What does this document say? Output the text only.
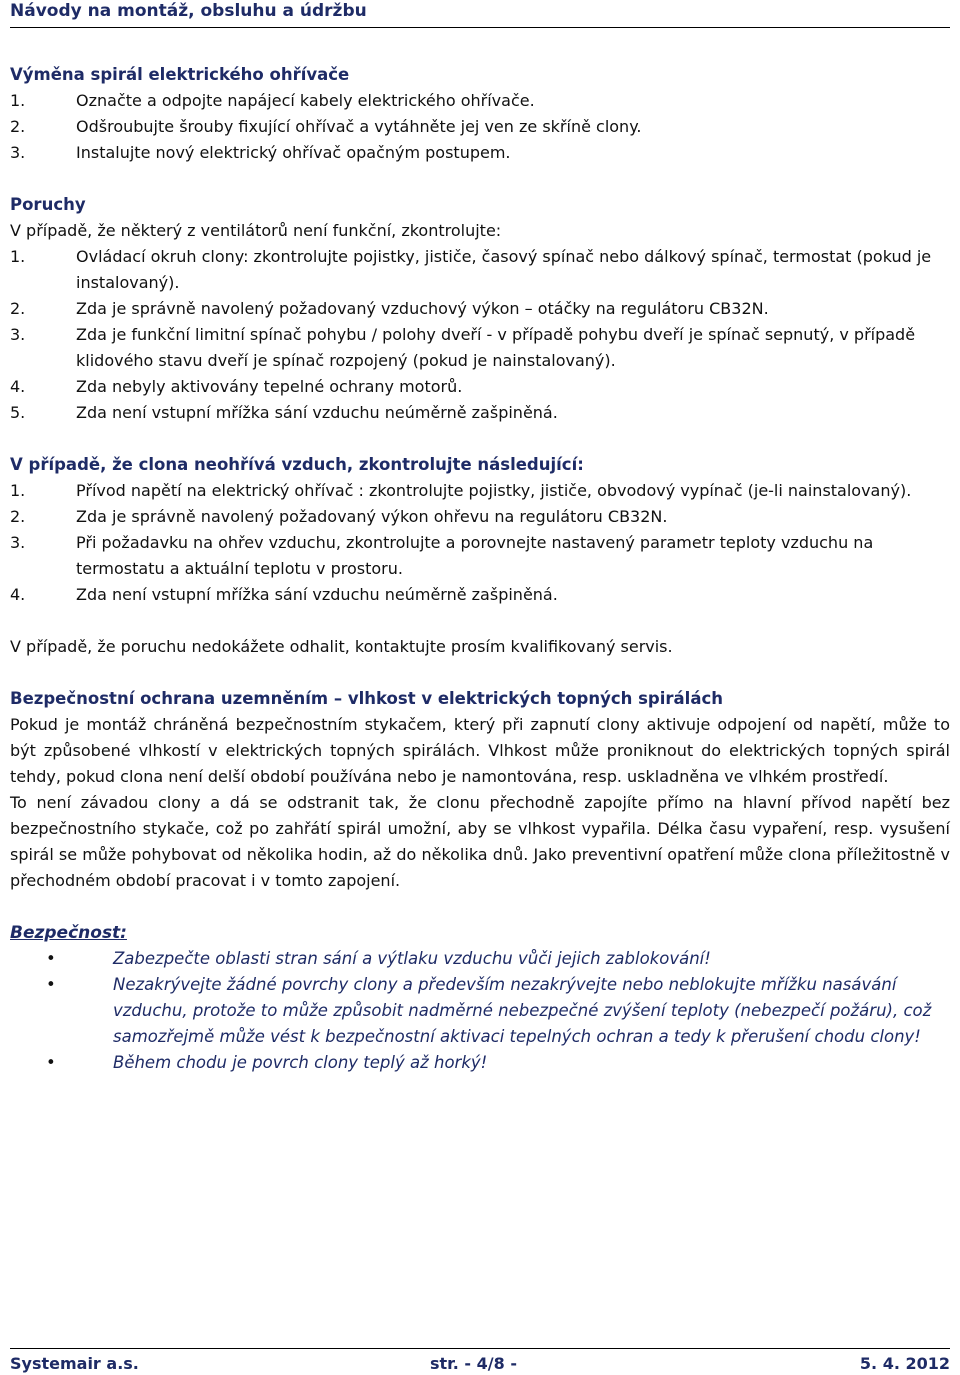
Návody na montáž, obsluhu a údržbu
Výměna spirál elektrického ohřívače
1.	Označte a odpojte napájecí kabely elektrického ohřívače.
2.	Odšroubujte šrouby fixující ohřívač a vytáhněte jej ven ze skříně clony.
3.	Instalujte nový elektrický ohřívač opačným postupem.
Poruchy
V případě, že některý z ventilátorů není funkční, zkontrolujte:
1.	Ovládací okruh clony: zkontrolujte pojistky, jističe, časový spínač nebo dálkový spínač, termostat (pokud je instalovaný).
2.	Zda je správně navolený požadovaný vzduchový výkon – otáčky na regulátoru CB32N.
3.	Zda je funkční limitní spínač pohybu / polohy dveří - v případě pohybu dveří je spínač sepnutý, v případě klidového stavu dveří je spínač rozpojený (pokud je nainstalovaný).
4.	Zda nebyly aktivovány tepelné ochrany motorů.
5.	Zda není vstupní mřížka sání vzduchu neúměrně zašpiněná.
V případě, že clona neohřívá vzduch, zkontrolujte následující:
1.	Přívod napětí na elektrický ohřívač : zkontrolujte pojistky, jističe, obvodový vypínač (je-li nainstalovaný).
2.	Zda je správně navolený požadovaný výkon ohřevu na regulátoru CB32N.
3.	Při požadavku na ohřev vzduchu, zkontrolujte a porovnejte nastavený parametr teploty vzduchu na termostatu a aktuální teplotu v prostoru.
4.	Zda není vstupní mřížka sání vzduchu neúměrně zašpiněná.
V případě, že poruchu nedokážete odhalit, kontaktujte prosím kvalifikovaný servis.
Bezpečnostní ochrana uzemněním – vlhkost v elektrických topných spirálách
Pokud je montáž chráněná bezpečnostním stykačem, který při zapnutí clony aktivuje odpojení od napětí, může to být způsobené vlhkostí v elektrických topných spirálách. Vlhkost může proniknout do elektrických topných spirál tehdy, pokud clona není delší období používána nebo je namontována, resp. uskladněna ve vlhkém prostředí.
To není závadou clony a dá se odstranit tak, že clonu přechodně zapojíte přímo na hlavní přívod napětí bez bezpečnostního stykače, což po zahřátí spirál umožní, aby se vlhkost vypařila. Délka času vypaření, resp. vysušení spirál se může pohybovat od několika hodin, až do několika dnů. Jako preventivní opatření může clona příležitostně v přechodném období pracovat i v tomto zapojení.
Bezpečnost:
•	Zabezpečte oblasti stran sání a výtlaku vzduchu vůči jejich zablokování!
•	Nezakrývejte žádné povrchy clony a především nezakrývejte nebo neblokujte mřížku nasávání vzduchu, protože to může způsobit nadměrné nebezpečné zvýšení teploty (nebezpečí požáru), což samozřejmě může vést k bezpečnostní aktivaci tepelných ochran a tedy k přerušení chodu clony!
•	Během chodu je povrch clony teplý až horký!
Systemair a.s.	str. - 4/8 -	5. 4. 2012
